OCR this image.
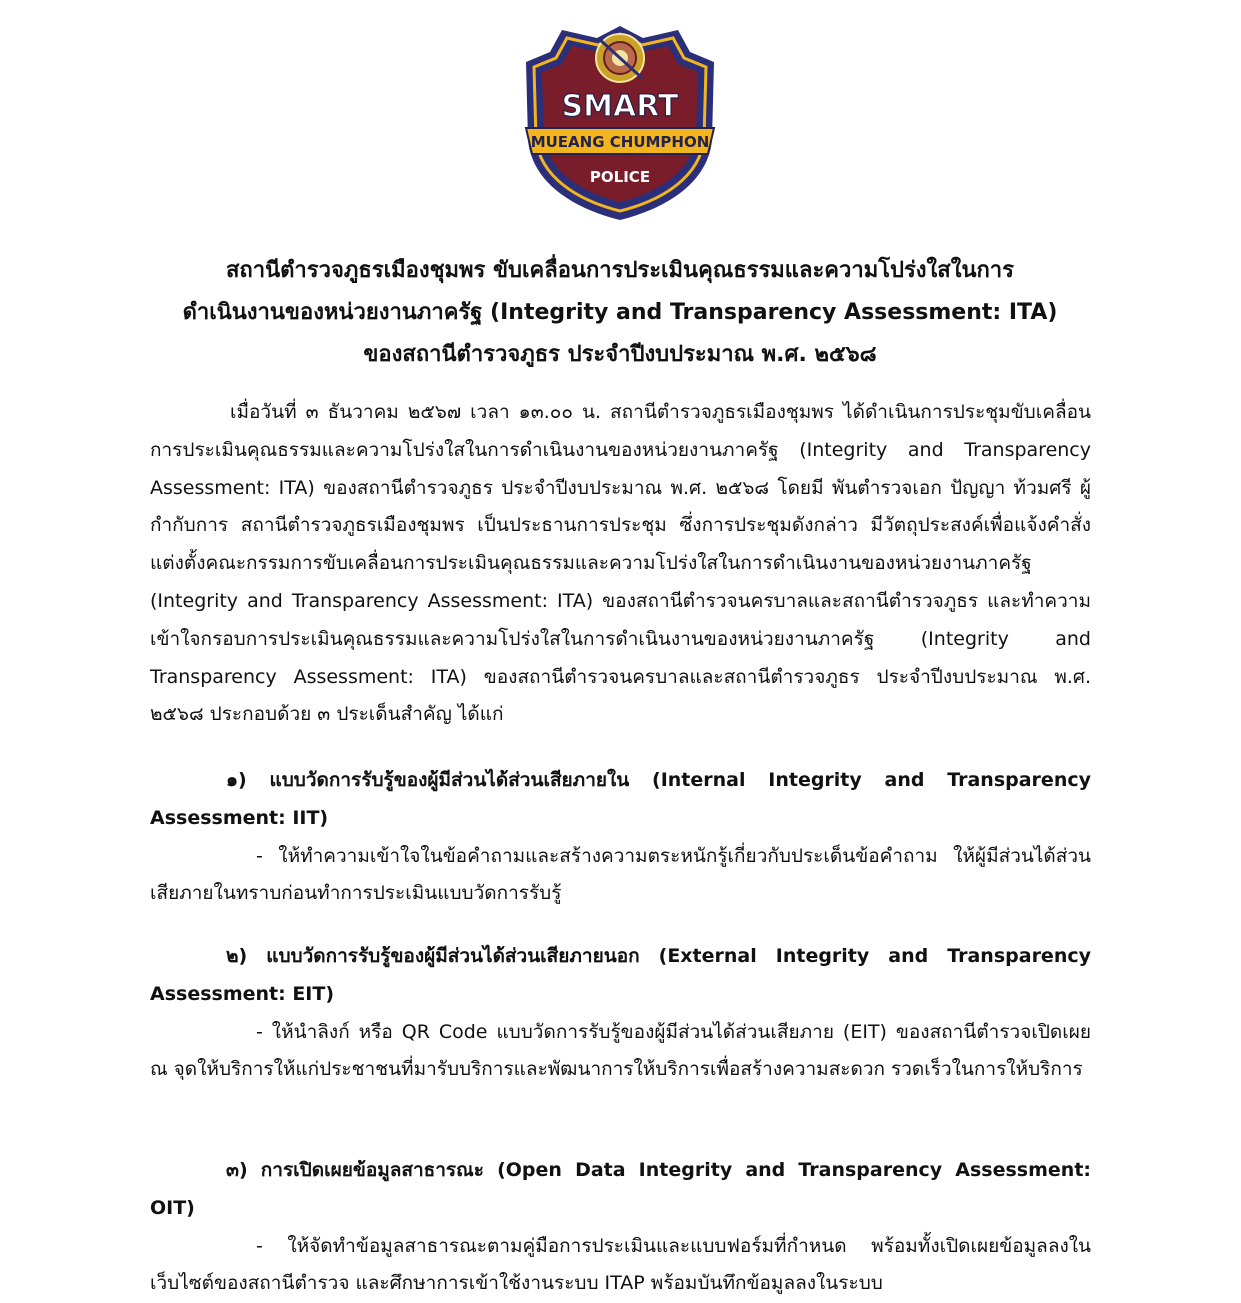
SMART
MUEANG CHUMPHON
POLICE
สถานีตำรวจภูธรเมืองชุมพร ขับเคลื่อนการประเมินคุณธรรมและความโปร่งใสในการ
ดำเนินงานของหน่วยงานภาครัฐ (Integrity and Transparency Assessment: ITA)
ของสถานีตำรวจภูธร ประจำปีงบประมาณ พ.ศ. ๒๕๖๘

เมื่อวันที่ ๓ ธันวาคม ๒๕๖๗ เวลา ๑๓.๐๐ น. สถานีตำรวจภูธรเมืองชุมพร ได้ดำเนินการประชุมขับเคลื่อนการประเมินคุณธรรมและความโปร่งใสในการดำเนินงานของหน่วยงานภาครัฐ (Integrity and Transparency Assessment: ITA) ของสถานีตำรวจภูธร ประจำปีงบประมาณ พ.ศ. ๒๕๖๘ โดยมี พันตำรวจเอก ปัญญา ท้วมศรี ผู้กำกับการ สถานีตำรวจภูธรเมืองชุมพร เป็นประธานการประชุม ซึ่งการประชุมดังกล่าว มีวัตถุประสงค์เพื่อแจ้งคำสั่งแต่งตั้งคณะกรรมการขับเคลื่อนการประเมินคุณธรรมและความโปร่งใสในการดำเนินงานของหน่วยงานภาครัฐ (Integrity and Transparency Assessment: ITA) ของสถานีตำรวจนครบาลและสถานีตำรวจภูธร และทำความเข้าใจกรอบการประเมินคุณธรรมและความโปร่งใสในการดำเนินงานของหน่วยงานภาครัฐ (Integrity and Transparency Assessment: ITA) ของสถานีตำรวจนครบาลและสถานีตำรวจภูธร ประจำปีงบประมาณ พ.ศ. ๒๕๖๘ ประกอบด้วย ๓ ประเด็นสำคัญ ได้แก่

๑) แบบวัดการรับรู้ของผู้มีส่วนได้ส่วนเสียภายใน (Internal Integrity and Transparency Assessment: IIT)

- ให้ทำความเข้าใจในข้อคำถามและสร้างความตระหนักรู้เกี่ยวกับประเด็นข้อคำถาม ให้ผู้มีส่วนได้ส่วนเสียภายในทราบก่อนทำการประเมินแบบวัดการรับรู้

๒) แบบวัดการรับรู้ของผู้มีส่วนได้ส่วนเสียภายนอก (External Integrity and Transparency Assessment: EIT)

- ให้นำลิงก์ หรือ QR Code แบบวัดการรับรู้ของผู้มีส่วนได้ส่วนเสียภาย (EIT) ของสถานีตำรวจเปิดเผย ณ จุดให้บริการให้แก่ประชาชนที่มารับบริการและพัฒนาการให้บริการเพื่อสร้างความสะดวก รวดเร็วในการให้บริการ

๓) การเปิดเผยข้อมูลสาธารณะ (Open Data Integrity and Transparency Assessment: OIT)

- ให้จัดทำข้อมูลสาธารณะตามคู่มือการประเมินและแบบฟอร์มที่กำหนด พร้อมทั้งเปิดเผยข้อมูลลงในเว็บไซต์ของสถานีตำรวจ และศึกษาการเข้าใช้งานระบบ ITAP พร้อมบันทึกข้อมูลลงในระบบ
